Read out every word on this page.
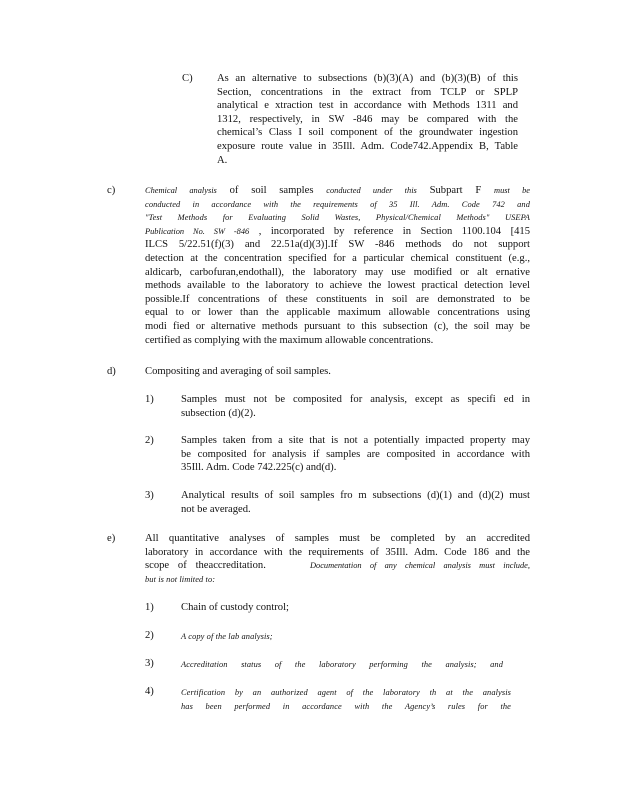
C) As an alternative to subsections (b)(3)(A) and (b)(3)(B) of this
Section, concentrations in the extract from TCLP or SPLP
analytical e xtraction test in accordance with Methods 1311 and
1312, respectively, in SW -846 may be compared with the
chemical’s Class I soil component of the groundwater ingestion
exposure route value in 35Ill. Adm. Code742.Appendix B, Table
A.
c)	Chemical analysis of soil samples conducted under this Subpart F must be
conducted in accordance with the requirements of 35 Ill. Adm. Code 742 and
"Test Methods for Evaluating Solid Wastes, Physical/Chemical Methods" USEPA
Publication No. SW -846 , incorporated by reference in Section 1100.104 [415
ILCS 5/22.51(f)(3) and 22.51a(d)(3)].If SW -846 methods do not support
detection at the concentration specified for a particular chemical constituent (e.g.,
aldicarb, carbofuran,endothall), the laboratory may use modified or alt ernative
methods available to the laboratory to achieve the lowest practical detection level
possible.If concentrations of these constituents in soil are demonstrated to be
equal to or lower than the applicable maximum allowable concentrations using
modi fied or alternative methods pursuant to this subsection (c), the soil may be
certified as complying with the maximum allowable concentrations.
d)	Compositing and averaging of soil samples.
1)	Samples must not be composited for analysis, except as specifi ed in
subsection (d)(2).
2)	Samples taken from a site that is not a potentially impacted property may
be composited for analysis if samples are composited in accordance with
35Ill. Adm. Code 742.225(c) and(d).
3)	Analytical results of soil samples fro m subsections (d)(1) and (d)(2) must
not be averaged.
e)	All quantitative analyses of samples must be completed by an accredited
laboratory in accordance with the requirements of 35Ill. Adm. Code 186 and the
scope of theaccreditation.	Documentation of any chemical analysis must include,
but is not limited to:
1)	Chain of custody control;
2)	A copy of the lab analysis;
3)	Accreditation status of the laboratory performing the analysis; and
4)	Certification by an authorized agent of the laboratory th at the analysis
has been performed in accordance with the Agency’s rules for the
